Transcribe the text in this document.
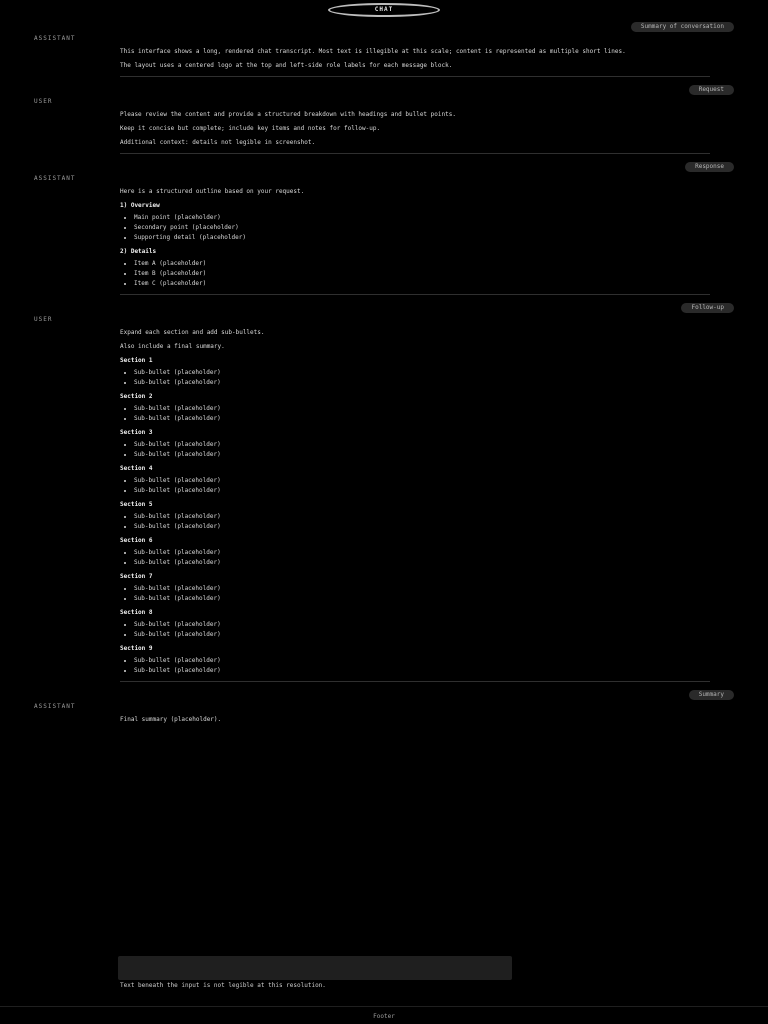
CHAT
Summary of conversation
ASSISTANT
This interface shows a long, rendered chat transcript. Most text is illegible at this scale; content is represented as multiple short lines.
The layout uses a centered logo at the top and left-side role labels for each message block.
Request
USER
Please review the content and provide a structured breakdown with headings and bullet points.
Keep it concise but complete; include key items and notes for follow-up.
Additional context: details not legible in screenshot.
Response
ASSISTANT
Here is a structured outline based on your request.
1) Overview
• Main point (placeholder)
• Secondary point (placeholder)
• Supporting detail (placeholder)
2) Details
• Item A (placeholder)
• Item B (placeholder)
• Item C (placeholder)
Follow-up
USER
Expand each section and add sub-bullets.
Also include a final summary.
Section 1
• Sub-bullet (placeholder)
• Sub-bullet (placeholder)
Section 2
• Sub-bullet (placeholder)
• Sub-bullet (placeholder)
Section 3
• Sub-bullet (placeholder)
• Sub-bullet (placeholder)
Section 4
• Sub-bullet (placeholder)
• Sub-bullet (placeholder)
Section 5
• Sub-bullet (placeholder)
• Sub-bullet (placeholder)
Section 6
• Sub-bullet (placeholder)
• Sub-bullet (placeholder)
Section 7
• Sub-bullet (placeholder)
• Sub-bullet (placeholder)
Section 8
• Sub-bullet (placeholder)
• Sub-bullet (placeholder)
Section 9
• Sub-bullet (placeholder)
• Sub-bullet (placeholder)
Summary
ASSISTANT
Final summary (placeholder).
Text beneath the input is not legible at this resolution.
Footer
